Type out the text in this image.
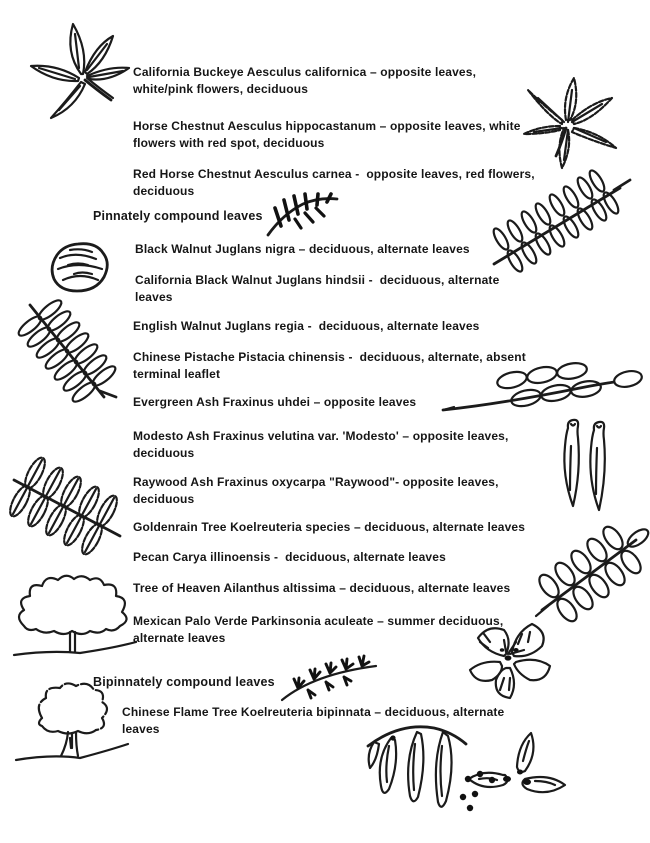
California Buckeye Aesculus californica – opposite leaves,
white/pink flowers, deciduous
Horse Chestnut Aesculus hippocastanum – opposite leaves, white
flowers with red spot, deciduous
Red Horse Chestnut Aesculus carnea -  opposite leaves, red flowers,
deciduous
Pinnately compound leaves
Black Walnut Juglans nigra – deciduous, alternate leaves
California Black Walnut Juglans hindsii -  deciduous, alternate
leaves
English Walnut Juglans regia -  deciduous, alternate leaves
Chinese Pistache Pistacia chinensis -  deciduous, alternate, absent
terminal leaflet
Evergreen Ash Fraxinus uhdei – opposite leaves
Modesto Ash Fraxinus velutina var. 'Modesto' – opposite leaves,
deciduous
Raywood Ash Fraxinus oxycarpa "Raywood"- opposite leaves,
deciduous
Goldenrain Tree Koelreuteria species – deciduous, alternate leaves
Pecan Carya illinoensis -  deciduous, alternate leaves
Tree of Heaven Ailanthus altissima – deciduous, alternate leaves
Mexican Palo Verde Parkinsonia aculeate – summer deciduous,
alternate leaves
Bipinnately compound leaves
Chinese Flame Tree Koelreuteria bipinnata – deciduous, alternate
leaves
